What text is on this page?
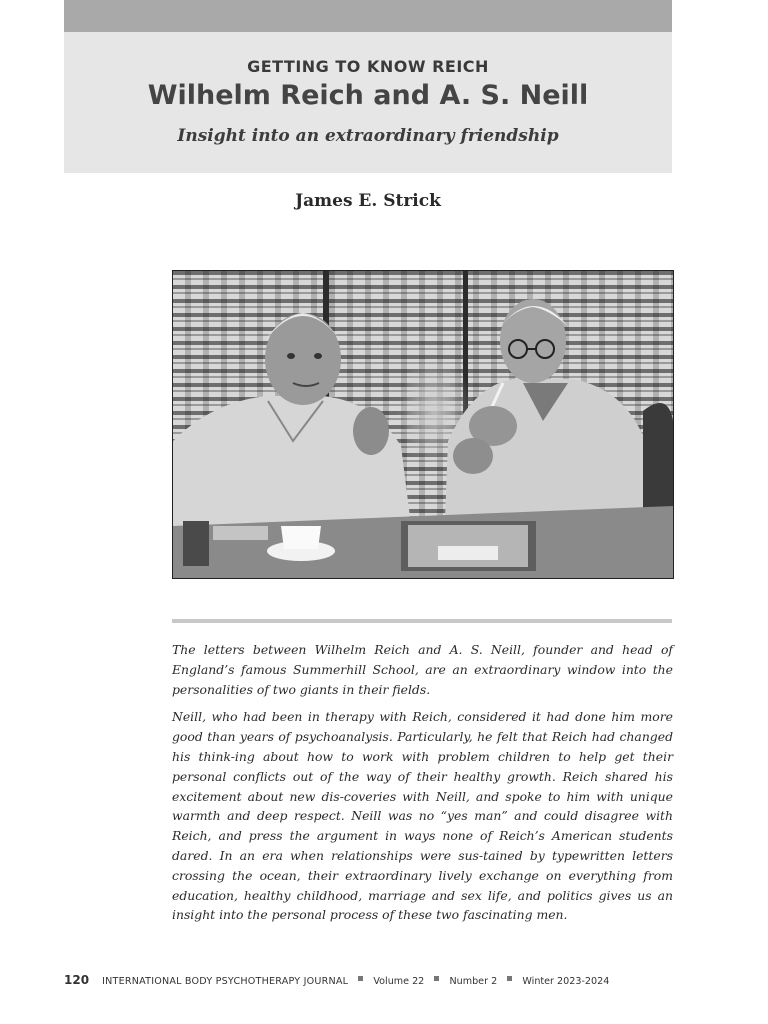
GETTING TO KNOW REICH
Wilhelm Reich and A. S. Neill
Insight into an extraordinary friendship
James E. Strick

The letters between Wilhelm Reich and A. S. Neill, founder and head of England’s famous Summerhill School, are an extraordinary window into the personalities of two giants in their fields.

Neill, who had been in therapy with Reich, considered it had done him more good than years of psychoanalysis. Particularly, he felt that Reich had changed his think-ing about how to work with problem children to help get their personal conflicts out of the way of their healthy growth. Reich shared his excitement about new dis-coveries with Neill, and spoke to him with unique warmth and deep respect. Neill was no “yes man” and could disagree with Reich, and press the argument in ways none of Reich’s American students dared. In an era when relationships were sus-tained by typewritten letters crossing the ocean, their extraordinary lively exchange on everything from education, healthy childhood, marriage and sex life, and politics gives us an insight into the personal process of these two fascinating men.

120 INTERNATIONAL BODY PSYCHOTHERAPY JOURNAL	Volume 22	Number 2	Winter 2023-2024
